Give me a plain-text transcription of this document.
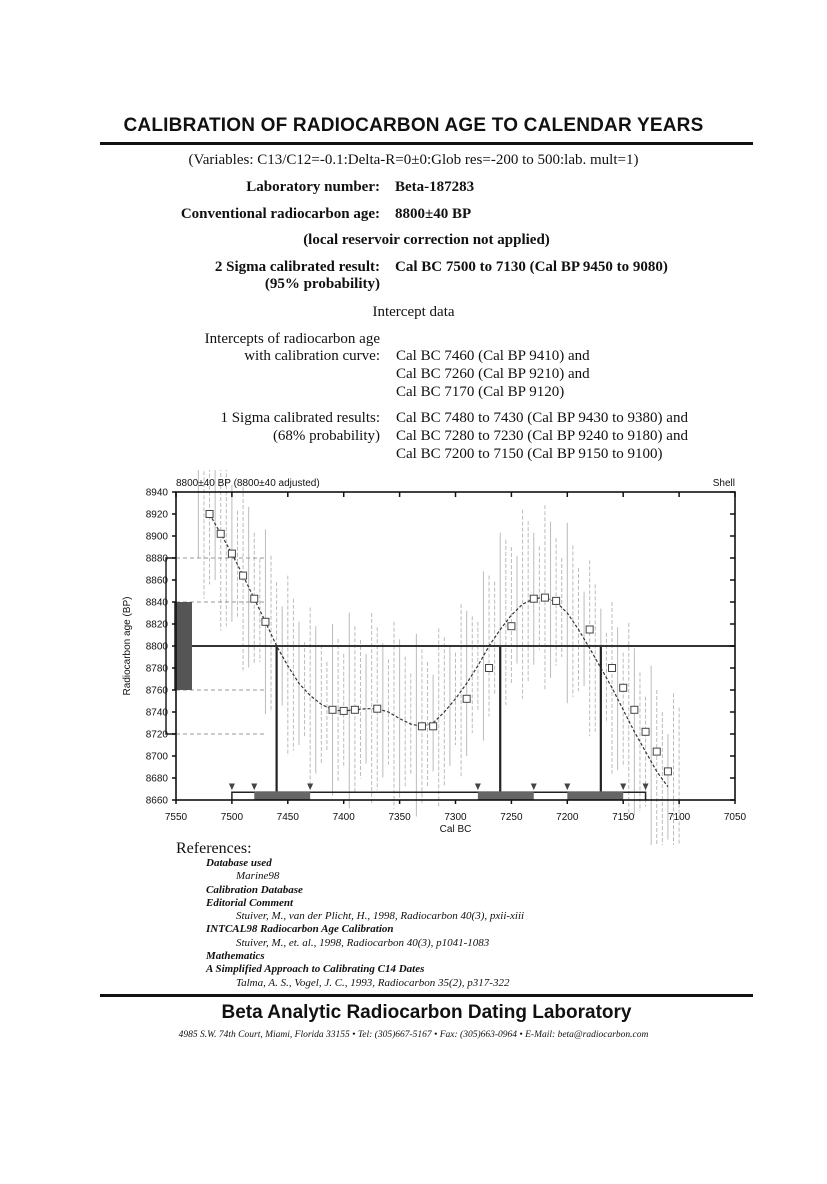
CALIBRATION OF RADIOCARBON AGE TO CALENDAR YEARS
(Variables: C13/C12=-0.1:Delta-R=0±0:Glob res=-200 to 500:lab. mult=1)
Laboratory number: Beta-187283
Conventional radiocarbon age: 8800±40 BP
(local reservoir correction not applied)
2 Sigma calibrated result:
(95% probability)
Cal BC 7500 to 7130 (Cal BP 9450 to 9080)
Intercept data
Intercepts of radiocarbon age
with calibration curve: Cal BC 7460 (Cal BP 9410) and
Cal BC 7260 (Cal BP 9210) and
Cal BC 7170 (Cal BP 9120)
1 Sigma calibrated results:
(68% probability)
Cal BC 7480 to 7430 (Cal BP 9430 to 9380) and
Cal BC 7280 to 7230 (Cal BP 9240 to 9180) and
Cal BC 7200 to 7150 (Cal BP 9150 to 9100)
8940
8920
8900
8880
8860
8840
8820
8800
8780
8760
8740
8720
8700
8680
8660
7550	7500	7450	7400	7350	7300	7250	7200	7150	7100	7050
8800±40 BP (8800±40 adjusted)	Shell
Cal BC
Radiocarbon age (BP)
References:
Database used
Marine98
Calibration Database
Editorial Comment
Stuiver, M., van der Plicht, H., 1998, Radiocarbon 40(3), pxii-xiii
INTCAL98 Radiocarbon Age Calibration
Stuiver, M., et. al., 1998, Radiocarbon 40(3), p1041-1083
Mathematics
A Simplified Approach to Calibrating C14 Dates
Talma, A. S., Vogel, J. C., 1993, Radiocarbon 35(2), p317-322
Beta Analytic Radiocarbon Dating Laboratory
4985 S.W. 74th Court, Miami, Florida 33155 • Tel: (305)667-5167 • Fax: (305)663-0964 • E-Mail: beta@radiocarbon.com
